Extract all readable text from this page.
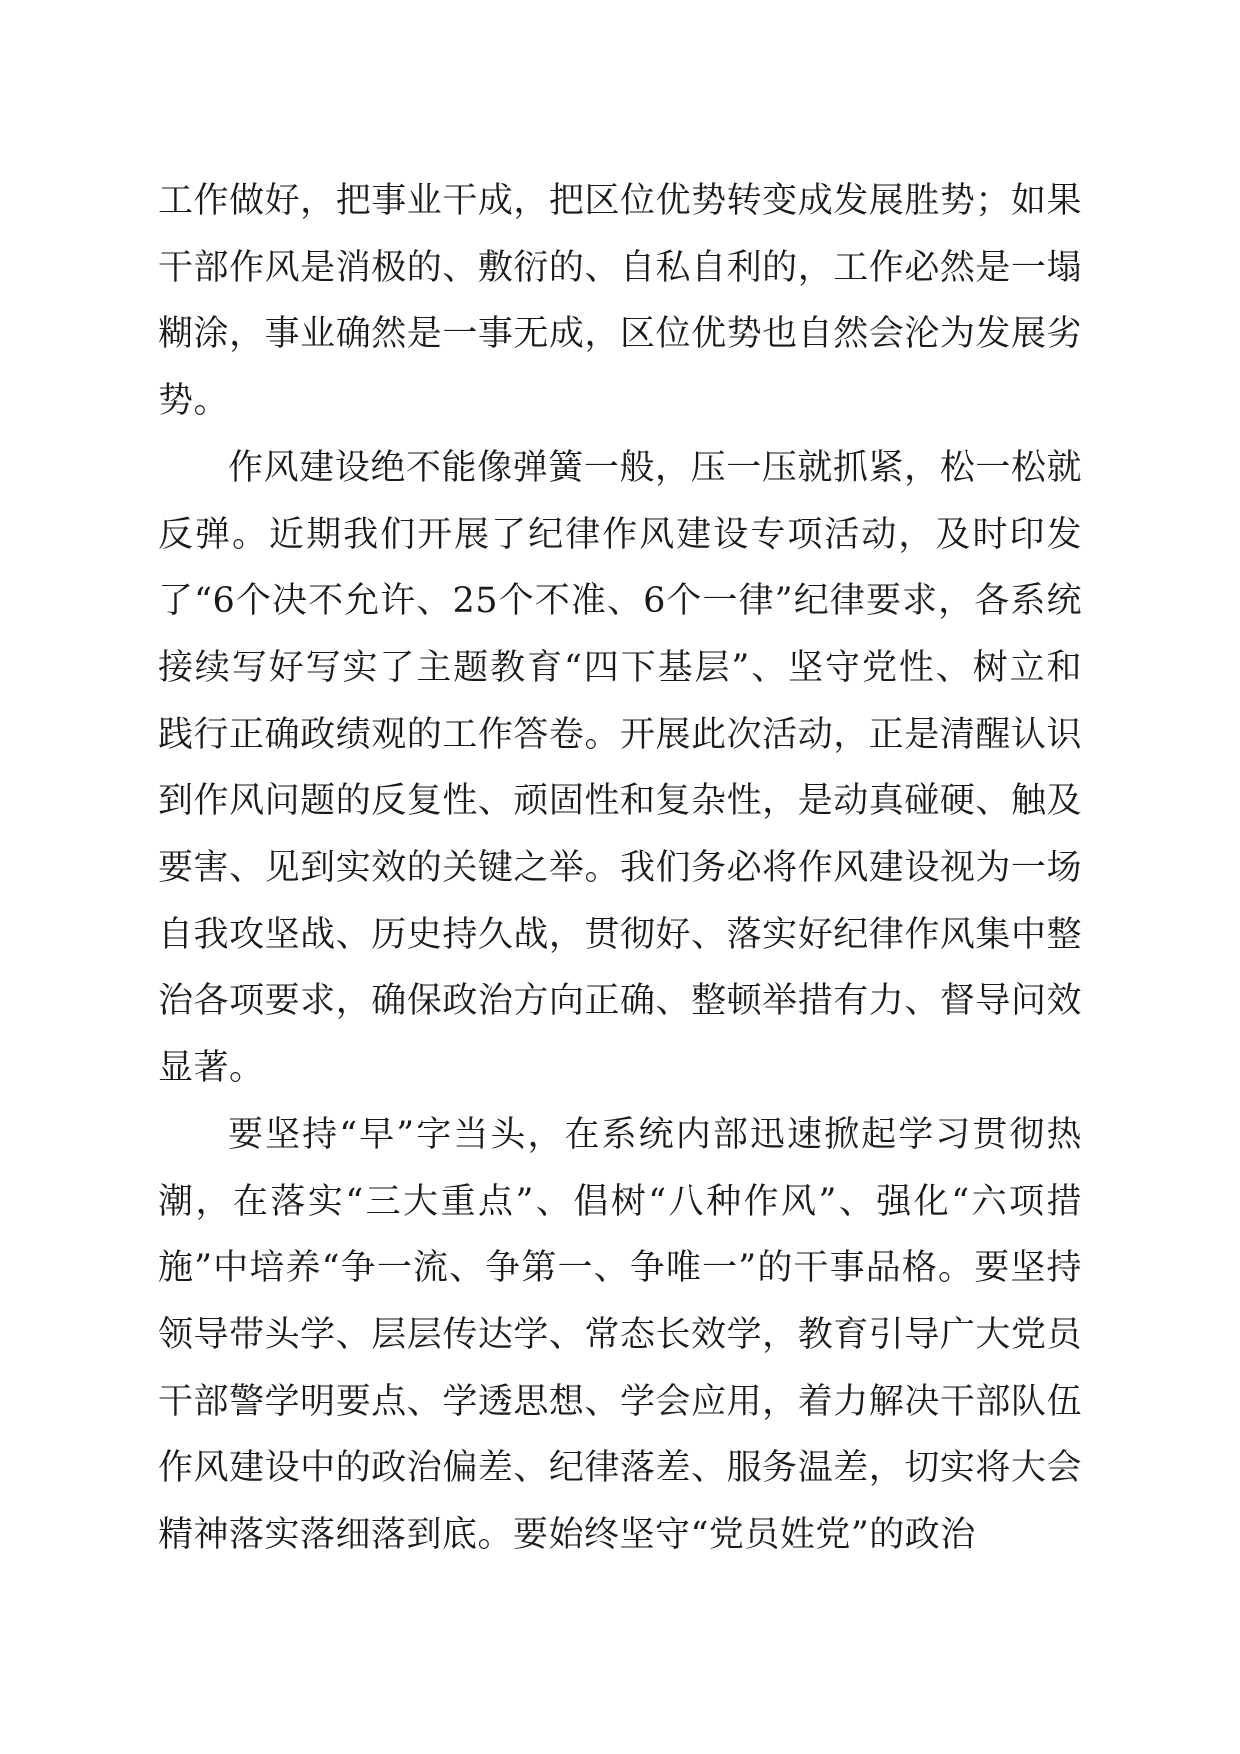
工作做好，把事业干成，把区位优势转变成发展胜势；如果干部作风是消极的、敷衍的、自私自利的，工作必然是一塌糊涂，事业确然是一事无成，区位优势也自然会沦为发展劣势。

作风建设绝不能像弹簧一般，压一压就抓紧，松一松就反弹。近期我们开展了纪律作风建设专项活动，及时印发了“6个决不允许、25个不准、6个一律”纪律要求，各系统接续写好写实了主题教育“四下基层”、坚守党性、树立和践行正确政绩观的工作答卷。开展此次活动，正是清醒认识到作风问题的反复性、顽固性和复杂性，是动真碰硬、触及要害、见到实效的关键之举。我们务必将作风建设视为一场自我攻坚战、历史持久战，贯彻好、落实好纪律作风集中整治各项要求，确保政治方向正确、整顿举措有力、督导问效显著。

要坚持“早”字当头，在系统内部迅速掀起学习贯彻热潮，在落实“三大重点”、倡树“八种作风”、强化“六项措施”中培养“争一流、争第一、争唯一”的干事品格。要坚持领导带头学、层层传达学、常态长效学，教育引导广大党员干部警学明要点、学透思想、学会应用，着力解决干部队伍作风建设中的政治偏差、纪律落差、服务温差，切实将大会精神落实落细落到底。要始终坚守“党员姓党”的政治
